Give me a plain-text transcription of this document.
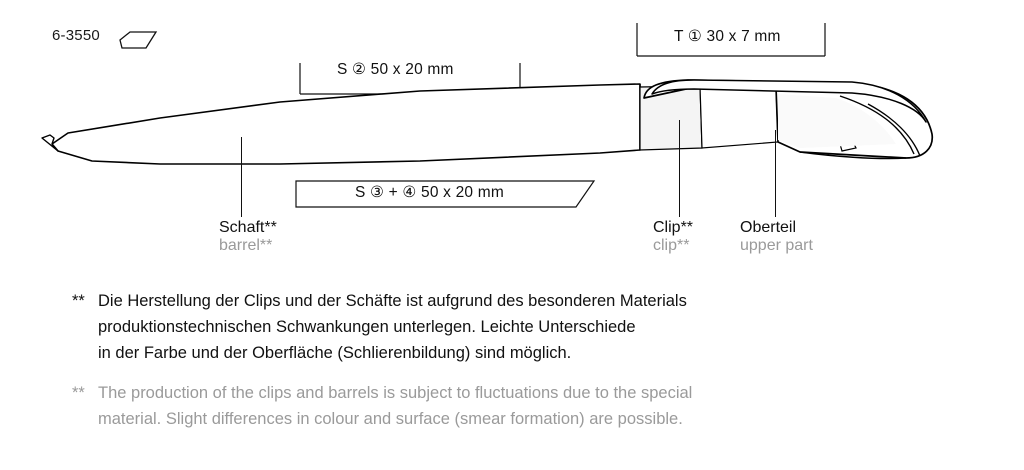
6-3550	T ① 30 x 7 mm
S ② 50 x 20 mm
S ③ + ④ 50 x 20 mm
Schaft**
barrel**
Clip**
clip**
Oberteil
upper part
** Die Herstellung der Clips und der Schäfte ist aufgrund des besonderen Materials
produktionstechnischen Schwankungen unterlegen. Leichte Unterschiede
in der Farbe und der Oberfläche (Schlierenbildung) sind möglich.
** The production of the clips and barrels is subject to fluctuations due to the special
material. Slight differences in colour and surface (smear formation) are possible.
